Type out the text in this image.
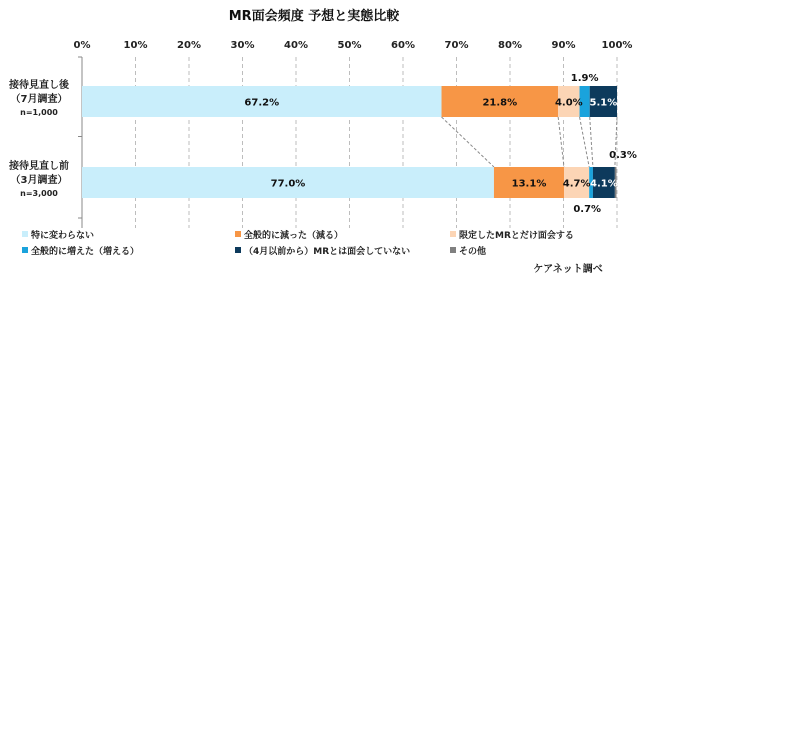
MR面会頻度 予想と実態比較
0%	10%	20%	30%	40%	50%	60%	70%	80%	90%	100%
67.2%	21.8%	4.0%
1.9%
5.1%
77.0%	13.1% 4.7%
0.7%
4.1%
0.3%
接待見直し後
（7月調査）
n=1,000
接待見直し前
（3月調査）
n=3,000
特に変わらない	全般的に減った（減る）	限定したMRとだけ面会する
全般的に増えた（増える）	（4月以前から）MRとは面会していない	その他
ケアネット調べ
